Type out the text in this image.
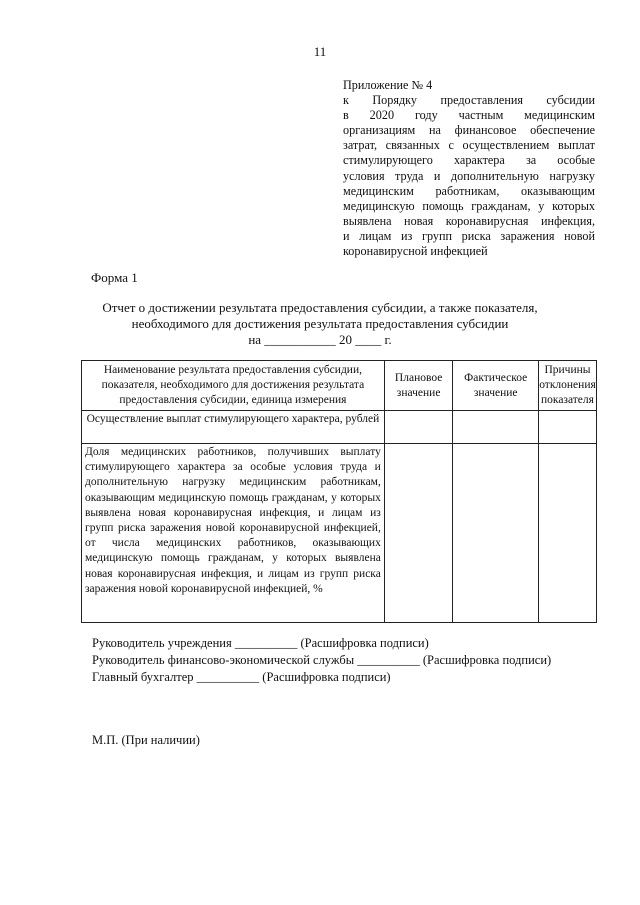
11
Приложение № 4
к Порядку предоставления субсидии
в 2020 году частным медицинским
организациям на финансовое обеспечение
затрат, связанных с осуществлением выплат
стимулирующего характера за особые
условия труда и дополнительную нагрузку
медицинским работникам, оказывающим
медицинскую помощь гражданам, у которых
выявлена новая коронавирусная инфекция,
и лицам из групп риска заражения новой
коронавирусной инфекцией
Форма 1
Отчет о достижении результата предоставления субсидии, а также показателя,
необходимого для достижения результата предоставления субсидии
на ___________ 20 ____ г.
Наименование результата предоставления субсидии, показателя, необходимого для достижения результата предоставления субсидии, единица измерения	Плановое значение	Фактическое значение	Причины отклонения показателя
Осуществление выплат стимулирующего характера, рублей			
Доля медицинских работников, получивших выплату стимулирующего характера за особые условия труда и дополнительную нагрузку медицинским работникам, оказывающим медицинскую помощь гражданам, у которых выявлена новая коронавирусная инфекция, и лицам из групп риска заражения новой коронавирусной инфекцией, от числа медицинских работников, оказывающих медицинскую помощь гражданам, у которых выявлена новая коронавирусная инфекция, и лицам из групп риска заражения новой коронавирусной инфекцией, %			
Руководитель учреждения __________ (Расшифровка подписи)
Руководитель финансово-экономической службы __________ (Расшифровка подписи)
Главный бухгалтер __________ (Расшифровка подписи)
М.П. (При наличии)
